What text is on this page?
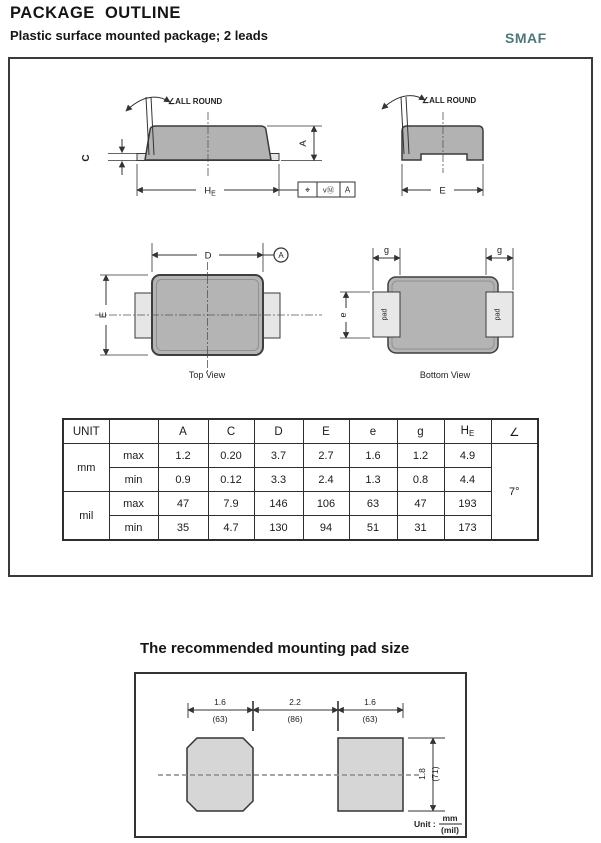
PACKAGE  OUTLINE
Plastic surface mounted package; 2 leads	SMAF
∠ALL ROUND
C
A
$H_E$	⌖ vⓂ A
∠ALL ROUND
E
D	A
E
Top View
pad	pad
g	g
e
Bottom View
UNIT		A	C	D	E	e	g	$H_E$	∠
mm	max	1.2	0.20	3.7	2.7	1.6	1.2	4.9	7°
	min	0.9	0.12	3.3	2.4	1.3	0.8	4.4	
mil	max	47	7.9	146	106	63	47	193	
	min	35	4.7	130	94	51	31	173	
The recommended mounting pad size
1.6	2.2	1.6
(63)	(86)	(63)
1.8 (71)
Unit :
mm
(mil)
